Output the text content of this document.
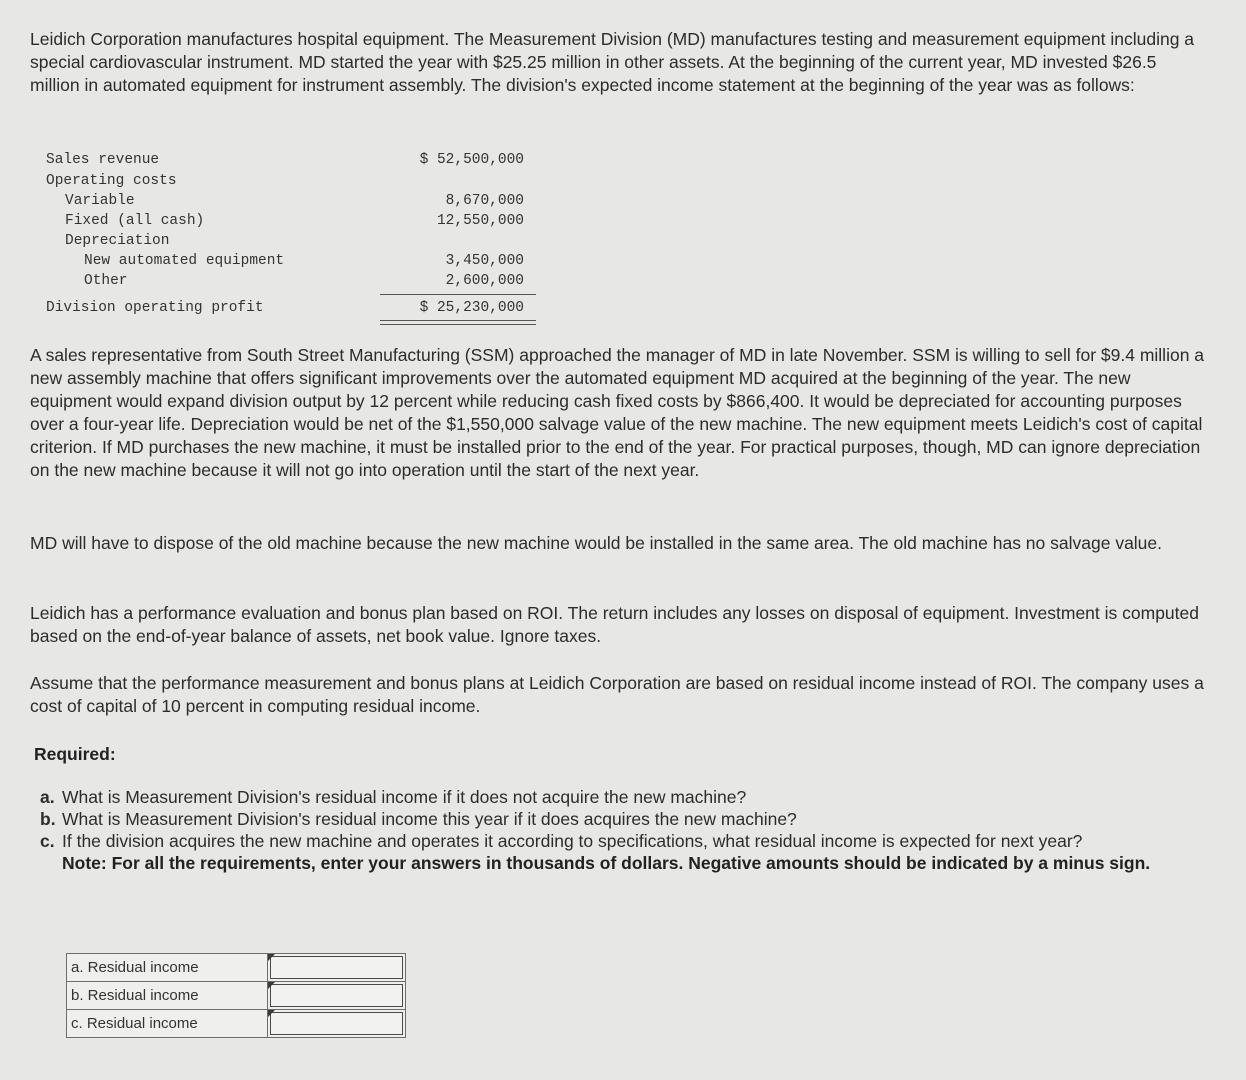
Leidich Corporation manufactures hospital equipment. The Measurement Division (MD) manufactures testing and measurement equipment including a special cardiovascular instrument. MD started the year with $25.25 million in other assets. At the beginning of the current year, MD invested $26.5 million in automated equipment for instrument assembly. The division's expected income statement at the beginning of the year was as follows:
Sales revenue	$ 52,500,000
Operating costs
Variable	8,670,000
Fixed (all cash)	12,550,000
Depreciation
New automated equipment	3,450,000
Other	2,600,000
Division operating profit	$ 25,230,000
A sales representative from South Street Manufacturing (SSM) approached the manager of MD in late November. SSM is willing to sell for $9.4 million a new assembly machine that offers significant improvements over the automated equipment MD acquired at the beginning of the year. The new equipment would expand division output by 12 percent while reducing cash fixed costs by $866,400. It would be depreciated for accounting purposes over a four-year life. Depreciation would be net of the $1,550,000 salvage value of the new machine. The new equipment meets Leidich's cost of capital criterion. If MD purchases the new machine, it must be installed prior to the end of the year. For practical purposes, though, MD can ignore depreciation on the new machine because it will not go into operation until the start of the next year.
MD will have to dispose of the old machine because the new machine would be installed in the same area. The old machine has no salvage value.
Leidich has a performance evaluation and bonus plan based on ROI. The return includes any losses on disposal of equipment. Investment is computed based on the end-of-year balance of assets, net book value. Ignore taxes.
Assume that the performance measurement and bonus plans at Leidich Corporation are based on residual income instead of ROI. The company uses a cost of capital of 10 percent in computing residual income.
Required:
a. What is Measurement Division's residual income if it does not acquire the new machine?
b. What is Measurement Division's residual income this year if it does acquires the new machine?
c. If the division acquires the new machine and operates it according to specifications, what residual income is expected for next year?
Note: For all the requirements, enter your answers in thousands of dollars. Negative amounts should be indicated by a minus sign.
a. Residual income	

b. Residual income	

c. Residual income	
